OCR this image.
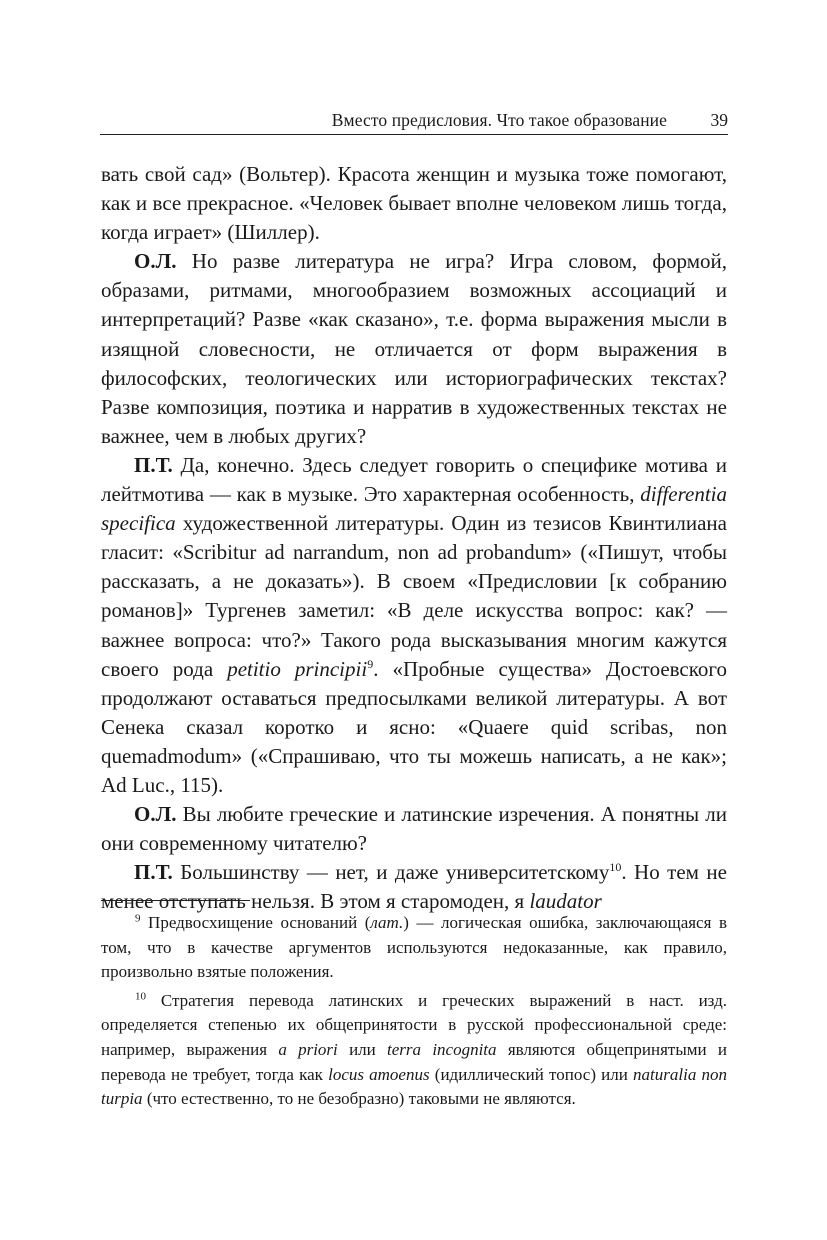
Вместо предисловия. Что такое образование 39

вать свой сад» (Вольтер). Красота женщин и музыка тоже помогают, как и все прекрасное. «Человек бывает вполне человеком лишь тогда, когда играет» (Шиллер).

О.Л. Но разве литература не игра? Игра словом, формой, образами, ритмами, многообразием возможных ассоциаций и интерпретаций? Разве «как сказано», т.е. форма выражения мысли в изящной словесности, не отличается от форм выражения в философских, теологических или историографических текстах? Разве композиция, поэтика и нарратив в художественных текстах не важнее, чем в любых других?

П.Т. Да, конечно. Здесь следует говорить о специфике мотива и лейтмотива — как в музыке. Это характерная особенность, differentia specifica художественной литературы. Один из тезисов Квинтилиана гласит: «Scribitur ad narrandum, non ad probandum» («Пишут, чтобы рассказать, а не доказать»). В своем «Предисловии [к собранию романов]» Тургенев заметил: «В деле искусства вопрос: как? — важнее вопроса: что?» Такого рода высказывания многим кажутся своего рода petitio principii$^9$. «Пробные существа» Достоевского продолжают оставаться предпосылками великой литературы. А вот Сенека сказал коротко и ясно: «Quaere quid scribas, non quemadmodum» («Спрашиваю, что ты можешь написать, а не как»; Ad Luc., 115).

О.Л. Вы любите греческие и латинские изречения. А понятны ли они современному читателю?

П.Т. Большинству — нет, и даже университетскому$^{10}$. Но тем не менее отступать нельзя. В этом я старомоден, я laudator

$^9$ Предвосхищение оснований (лат.) — логическая ошибка, заключающаяся в том, что в качестве аргументов используются недоказанные, как правило, произвольно взятые положения.

$^{10}$ Стратегия перевода латинских и греческих выражений в наст. изд. определяется степенью их общепринятости в русской профессиональной среде: например, выражения a priori или terra incognita являются общепринятыми и перевода не требует, тогда как locus amoenus (идиллический топос) или naturalia non turpia (что естественно, то не безобразно) таковыми не являются.
